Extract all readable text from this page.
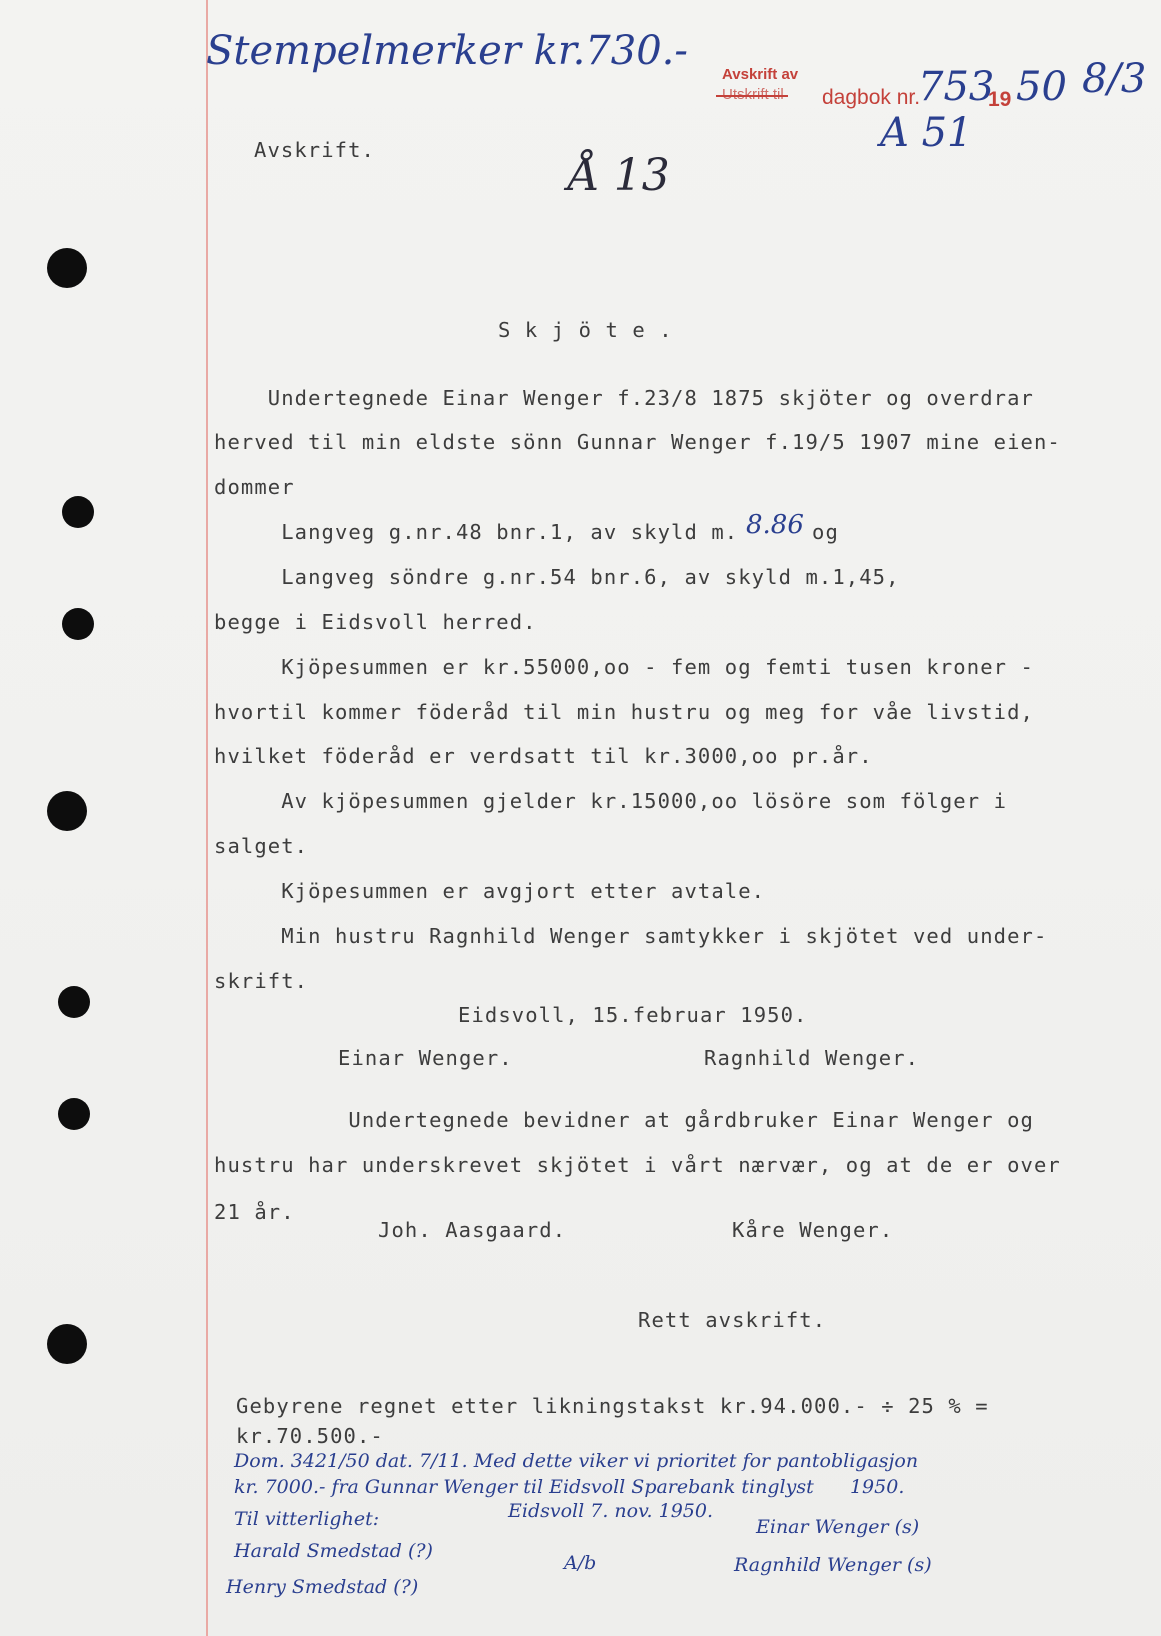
Stempelmerker kr.730.-
Avskrift av
dagbok nr.	19
753 50 8/3
A 51
Avskrift.	Å 13
S k j ö t e .
Undertegnede Einar Wenger f.23/8 1875 skjöter og overdrar
herved til min eldste sönn Gunnar Wenger f.19/5 1907 mine eien-
dommer
Langveg g.nr.48 bnr.1, av skyld m. 8.86 og
Langveg söndre g.nr.54 bnr.6, av skyld m.1,45,
begge i Eidsvoll herred.
Kjöpesummen er kr.55000,oo - fem og femti tusen kroner -
hvortil kommer föderåd til min hustru og meg for våe livstid,
hvilket föderåd er verdsatt til kr.3000,oo pr.år.
Av kjöpesummen gjelder kr.15000,oo lösöre som fölger i
salget.
Kjöpesummen er avgjort etter avtale.
Min hustru Ragnhild Wenger samtykker i skjötet ved under-
skrift.
Eidsvoll, 15.februar 1950.
Einar Wenger.	Ragnhild Wenger.
Undertegnede bevidner at gårdbruker Einar Wenger og
hustru har underskrevet skjötet i vårt nærvær, og at de er over
21 år.
Joh. Aasgaard.	Kåre Wenger.
Rett avskrift.
Gebyrene regnet etter likningstakst kr.94.000.- ÷ 25 % =
kr.70.500.-
Dom. 3421/50 dat. 7/11. Med dette viker vi prioritet for pantobligasjon
kr. 7000.- fra Gunnar Wenger til Eidsvoll Sparebank tinglyst      1950.
Eidsvoll 7. nov. 1950.
Til vitterlighet:
Harald Smedstad (?)
Henry Smedstad (?)
A/b
Einar Wenger (s)
Ragnhild Wenger (s)
